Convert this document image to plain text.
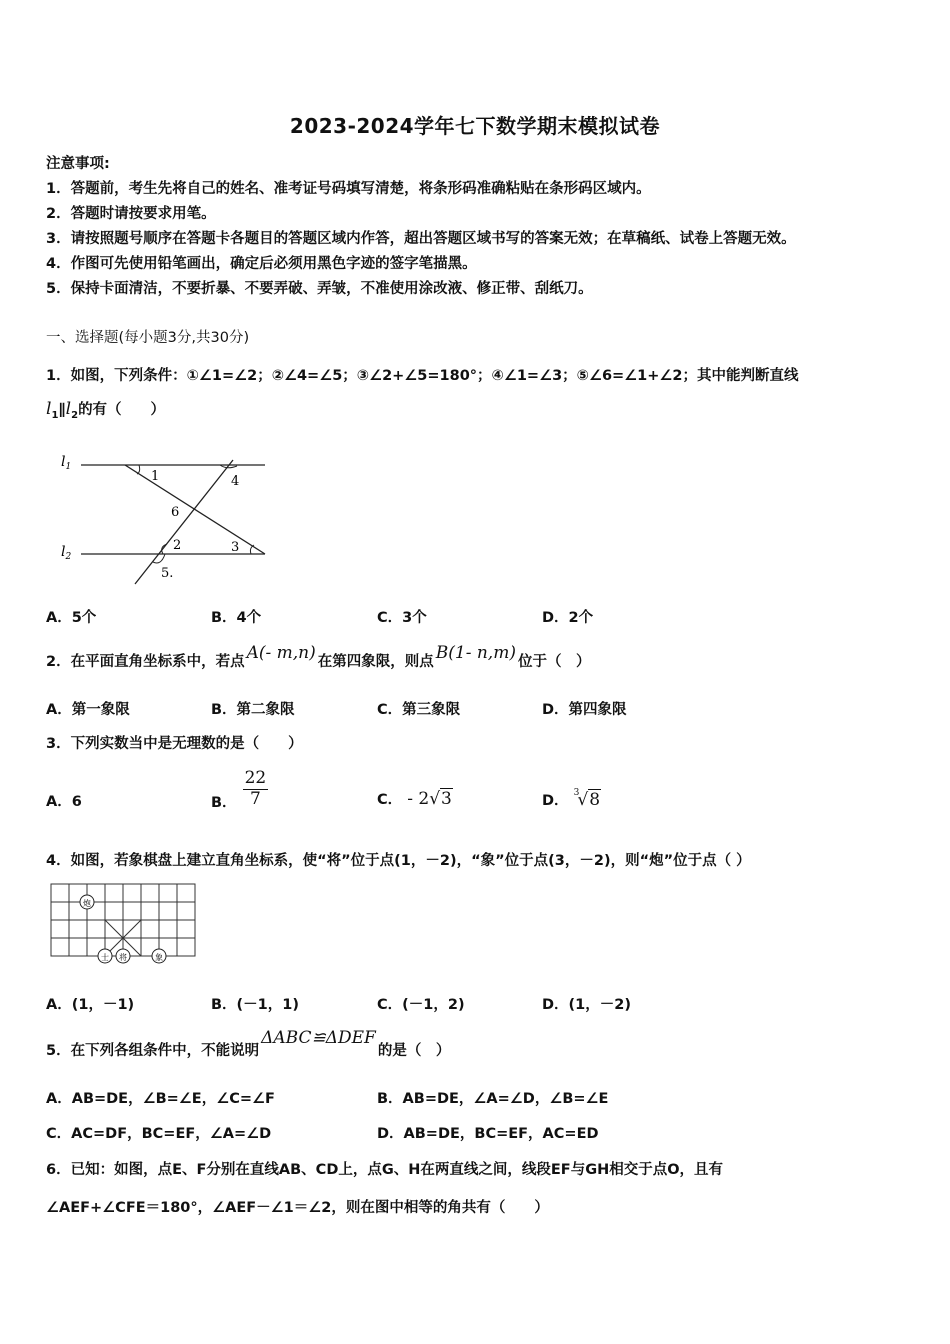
2023-2024学年七下数学期末模拟试卷
注意事项:
1．答题前，考生先将自己的姓名、准考证号码填写清楚，将条形码准确粘贴在条形码区域内。
2．答题时请按要求用笔。
3．请按照题号顺序在答题卡各题目的答题区域内作答，超出答题区域书写的答案无效；在草稿纸、试卷上答题无效。
4．作图可先使用铅笔画出，确定后必须用黑色字迹的签字笔描黑。
5．保持卡面清洁，不要折暴、不要弄破、弄皱，不准使用涂改液、修正带、刮纸刀。
一、选择题(每小题3分,共30分)
1．如图，下列条件：①∠1=∠2；②∠4=∠5；③∠2+∠5=180°；④∠1=∠3；⑤∠6=∠1+∠2；其中能判断直线
$l_1\parallel l_2$的有（　　）
$l_1$
$l_2$
1	4
6
2	3
5.
A．5个	B．4个	C．3个	D．2个
2．在平面直角坐标系中，若点 A(- m,n) 在第四象限，则点 B(1- n,m) 位于（　）
A．第一象限	B．第二象限	C．第三象限	D．第四象限
3．下列实数当中是无理数的是（　　）
A．6	B． $\frac{22}{7}$	C． - 2√3	D． $^3$√8
4．如图，若象棋盘上建立直角坐标系，使“将”位于点(1，－2)，“象”位于点(3，－2)，则“炮”位于点（ ）
炮
士 将	象
A．(1，－1)	B．(－1，1)	C．(－1，2)	D．(1，－2)
5．在下列各组条件中，不能说明
ΔABC≌ΔDEF
的是（　）
A．AB=DE，∠B=∠E，∠C=∠F	B．AB=DE，∠A=∠D，∠B=∠E
C．AC=DF，BC=EF，∠A=∠D	D．AB=DE，BC=EF，AC=ED
6．已知：如图，点E、F分别在直线AB、CD上，点G、H在两直线之间，线段EF与GH相交于点O，且有
∠AEF+∠CFE＝180°，∠AEF－∠1＝∠2，则在图中相等的角共有（　　）
